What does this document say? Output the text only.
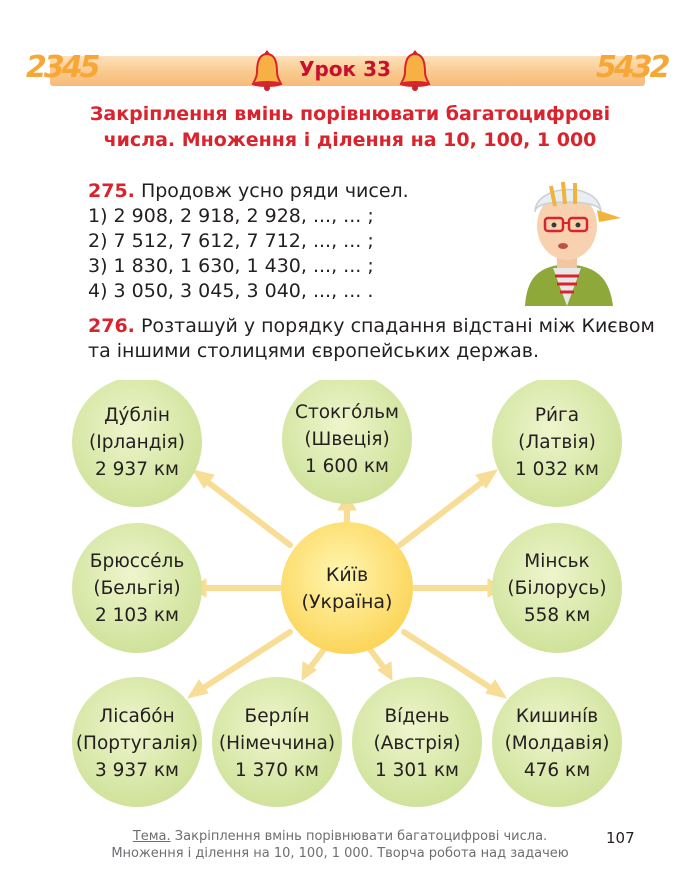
2345	5432
Урок 33
Закріплення вмінь порівнювати багатоцифрові
числа. Множення і ділення на 10, 100, 1 000
275. Продовж усно ряди чисел.
1) 2 908, 2 918, 2 928, ..., ... ;
2) 7 512, 7 612, 7 712, ..., ... ;
3) 1 830, 1 630, 1 430, ..., ... ;
4) 3 050, 3 045, 3 040, ..., ... .
276. Розташуй у порядку спадання відстані між Києвом
та іншими столицями європейських держав.
Ду́блін
(Ірландія)
2 937 км
Стокго́льм
(Швеція)
1 600 км
Ри́га
(Латвія)
1 032 км
Брюссе́ль
(Бельгія)
2 103 км
Ки́їв
(Україна)
Мінськ
(Білорусь)
558 км
Лісабо́н
(Португалія)
3 937 км
Берлі́н
(Німеччина)
1 370 км
Ві́день
(Австрія)
1 301 км
Кишині́в
(Молдавія)
476 км
Тема. Закріплення вмінь порівнювати багатоцифрові числа.
Множення і ділення на 10, 100, 1 000. Творча робота над задачею
107
